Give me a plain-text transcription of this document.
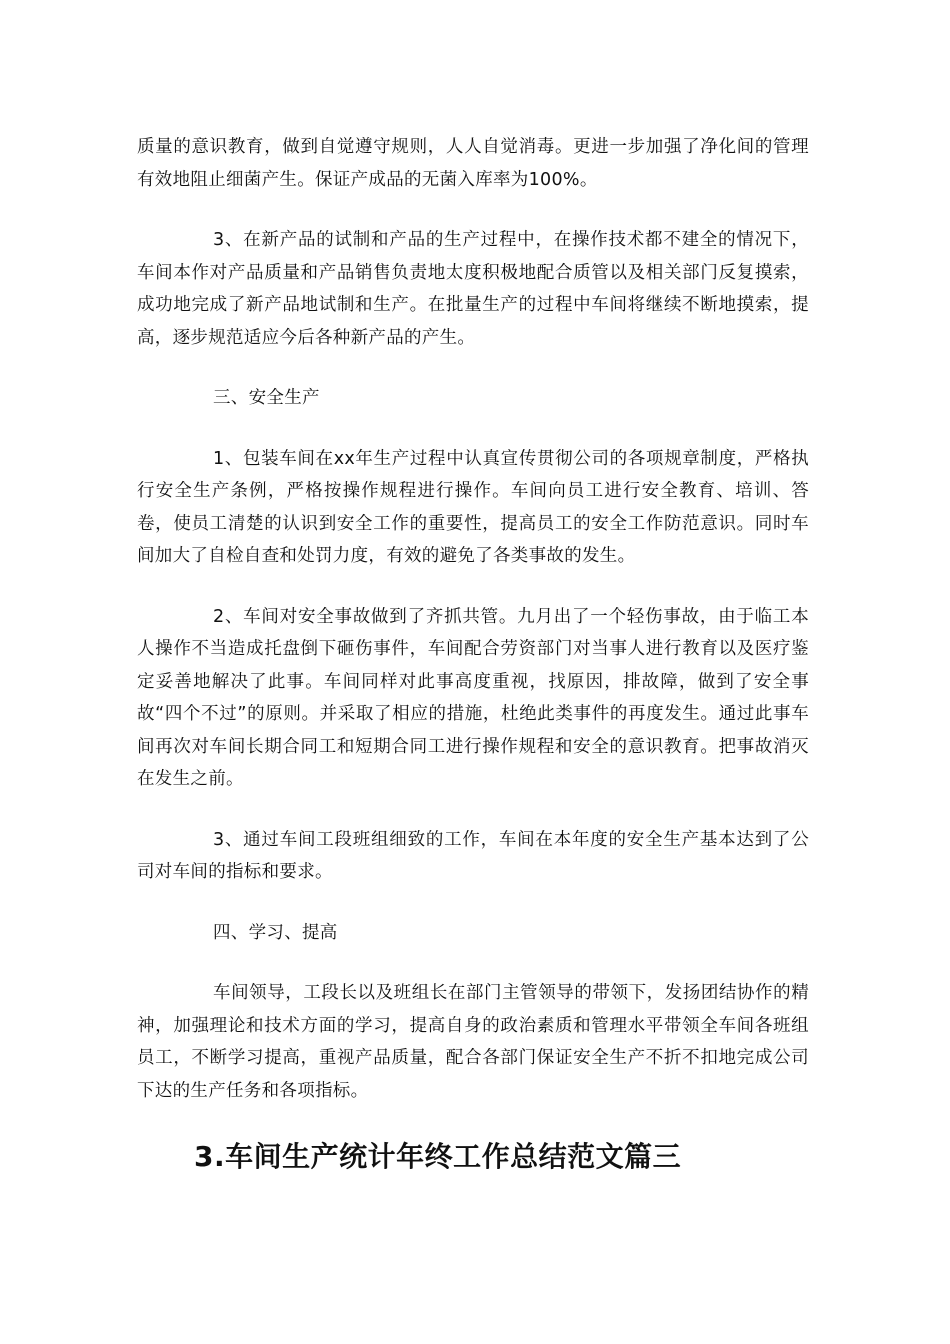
质量的意识教育，做到自觉遵守规则，人人自觉消毒。更进一步加强了净化间的管理有效地阻止细菌产生。保证产成品的无菌入库率为100%。

3、在新产品的试制和产品的生产过程中，在操作技术都不建全的情况下，车间本作对产品质量和产品销售负责地太度积极地配合质管以及相关部门反复摸索，成功地完成了新产品地试制和生产。在批量生产的过程中车间将继续不断地摸索，提高，逐步规范适应今后各种新产品的产生。

三、安全生产

1、包装车间在xx年生产过程中认真宣传贯彻公司的各项规章制度，严格执行安全生产条例，严格按操作规程进行操作。车间向员工进行安全教育、培训、答卷，使员工清楚的认识到安全工作的重要性，提高员工的安全工作防范意识。同时车间加大了自检自查和处罚力度，有效的避免了各类事故的发生。

2、车间对安全事故做到了齐抓共管。九月出了一个轻伤事故，由于临工本人操作不当造成托盘倒下砸伤事件，车间配合劳资部门对当事人进行教育以及医疗鉴定妥善地解决了此事。车间同样对此事高度重视，找原因，排故障，做到了安全事故“四个不过”的原则。并采取了相应的措施，杜绝此类事件的再度发生。通过此事车间再次对车间长期合同工和短期合同工进行操作规程和安全的意识教育。把事故消灭在发生之前。

3、通过车间工段班组细致的工作，车间在本年度的安全生产基本达到了公司对车间的指标和要求。

四、学习、提高

车间领导，工段长以及班组长在部门主管领导的带领下，发扬团结协作的精神，加强理论和技术方面的学习，提高自身的政治素质和管理水平带领全车间各班组员工，不断学习提高，重视产品质量，配合各部门保证安全生产不折不扣地完成公司下达的生产任务和各项指标。

3.车间生产统计年终工作总结范文篇三
